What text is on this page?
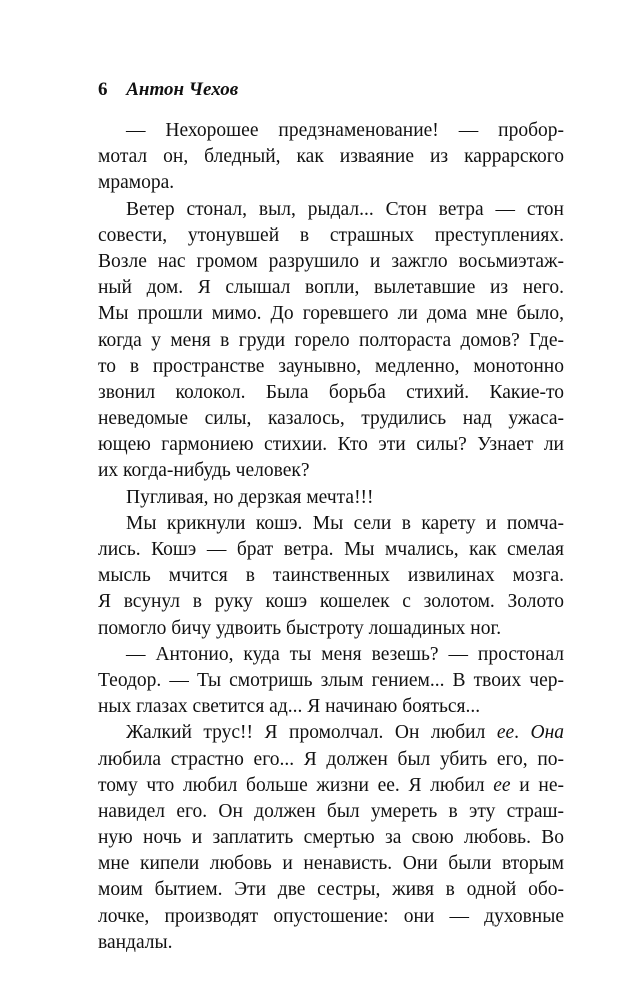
6 Антон Чехов
— Нехорошее предзнаменование! — пробор-
мотал он, бледный, как изваяние из каррарского
мрамора.
Ветер стонал, выл, рыдал... Стон ветра — стон
совести, утонувшей в страшных преступлениях.
Возле нас громом разрушило и зажгло восьмиэтаж-
ный дом. Я слышал вопли, вылетавшие из него.
Мы прошли мимо. До горевшего ли дома мне было,
когда у меня в груди горело полтораста домов? Где-
то в пространстве заунывно, медленно, монотонно
звонил колокол. Была борьба стихий. Какие-то
неведомые силы, казалось, трудились над ужаса-
ющею гармониею стихии. Кто эти силы? Узнает ли
их когда-нибудь человек?
Пугливая, но дерзкая мечта!!!
Мы крикнули кошэ. Мы сели в карету и помча-
лись. Кошэ — брат ветра. Мы мчались, как смелая
мысль мчится в таинственных извилинах мозга.
Я всунул в руку кошэ кошелек с золотом. Золото
помогло бичу удвоить быстроту лошадиных ног.
— Антонио, куда ты меня везешь? — простонал
Теодор. — Ты смотришь злым гением... В твоих чер-
ных глазах светится ад... Я начинаю бояться...
Жалкий трус!! Я промолчал. Он любил ее. Она
любила страстно его... Я должен был убить его, по-
тому что любил больше жизни ее. Я любил ее и не-
навидел его. Он должен был умереть в эту страш-
ную ночь и заплатить смертью за свою любовь. Во
мне кипели любовь и ненависть. Они были вторым
моим бытием. Эти две сестры, живя в одной обо-
лочке, производят опустошение: они — духовные
вандалы.
